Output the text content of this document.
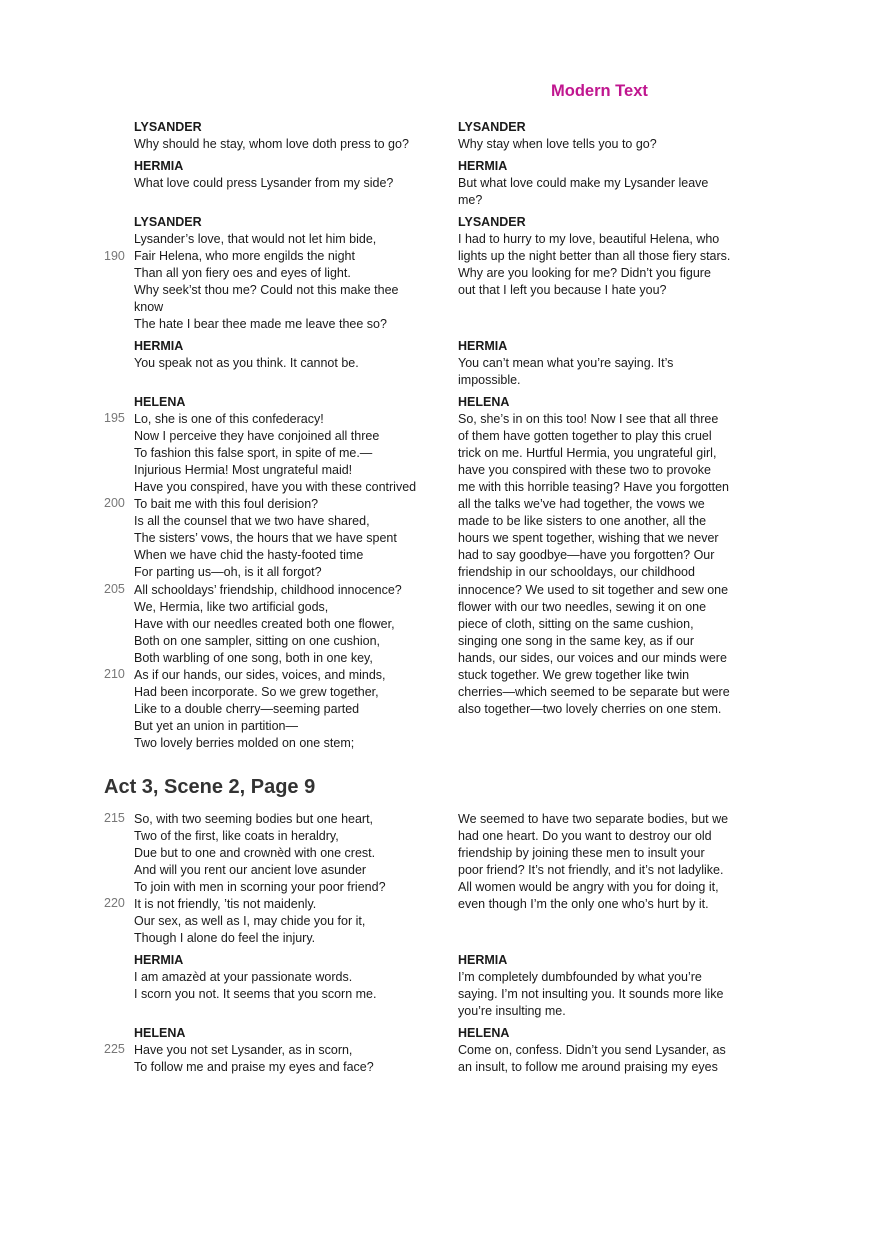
Modern Text
190
195
200
205
210
215
220
225
LYSANDER
Why should he stay, whom love doth press to go?
HERMIA
What love could press Lysander from my side?
LYSANDER
Lysander’s love, that would not let him bide,
Fair Helena, who more engilds the night
Than all yon fiery oes and eyes of light.
Why seek’st thou me? Could not this make thee
know
The hate I bear thee made me leave thee so?
HERMIA
You speak not as you think. It cannot be.
HELENA
Lo, she is one of this confederacy!
Now I perceive they have conjoined all three
To fashion this false sport, in spite of me.—
Injurious Hermia! Most ungrateful maid!
Have you conspired, have you with these contrived
To bait me with this foul derision?
Is all the counsel that we two have shared,
The sisters’ vows, the hours that we have spent
When we have chid the hasty-footed time
For parting us—oh, is it all forgot?
All schooldays’ friendship, childhood innocence?
We, Hermia, like two artificial gods,
Have with our needles created both one flower,
Both on one sampler, sitting on one cushion,
Both warbling of one song, both in one key,
As if our hands, our sides, voices, and minds,
Had been incorporate. So we grew together,
Like to a double cherry—seeming parted
But yet an union in partition—
Two lovely berries molded on one stem;
Act 3, Scene 2, Page 9
So, with two seeming bodies but one heart,
Two of the first, like coats in heraldry,
Due but to one and crownèd with one crest.
And will you rent our ancient love asunder
To join with men in scorning your poor friend?
It is not friendly, ’tis not maidenly.
Our sex, as well as I, may chide you for it,
Though I alone do feel the injury.
HERMIA
I am amazèd at your passionate words.
I scorn you not. It seems that you scorn me.
HELENA
Have you not set Lysander, as in scorn,
To follow me and praise my eyes and face?
LYSANDER
Why stay when love tells you to go?
HERMIA
But what love could make my Lysander leave
me?
LYSANDER
I had to hurry to my love, beautiful Helena, who
lights up the night better than all those fiery stars.
Why are you looking for me? Didn’t you figure
out that I left you because I hate you?
HERMIA
You can’t mean what you’re saying. It’s
impossible.
HELENA
So, she’s in on this too! Now I see that all three
of them have gotten together to play this cruel
trick on me. Hurtful Hermia, you ungrateful girl,
have you conspired with these two to provoke
me with this horrible teasing? Have you forgotten
all the talks we’ve had together, the vows we
made to be like sisters to one another, all the
hours we spent together, wishing that we never
had to say goodbye—have you forgotten? Our
friendship in our schooldays, our childhood
innocence? We used to sit together and sew one
flower with our two needles, sewing it on one
piece of cloth, sitting on the same cushion,
singing one song in the same key, as if our
hands, our sides, our voices and our minds were
stuck together. We grew together like twin
cherries—which seemed to be separate but were
also together—two lovely cherries on one stem.
We seemed to have two separate bodies, but we
had one heart. Do you want to destroy our old
friendship by joining these men to insult your
poor friend? It’s not friendly, and it’s not ladylike.
All women would be angry with you for doing it,
even though I’m the only one who’s hurt by it.
HERMIA
I’m completely dumbfounded by what you’re
saying. I’m not insulting you. It sounds more like
you’re insulting me.
HELENA
Come on, confess. Didn’t you send Lysander, as
an insult, to follow me around praising my eyes
